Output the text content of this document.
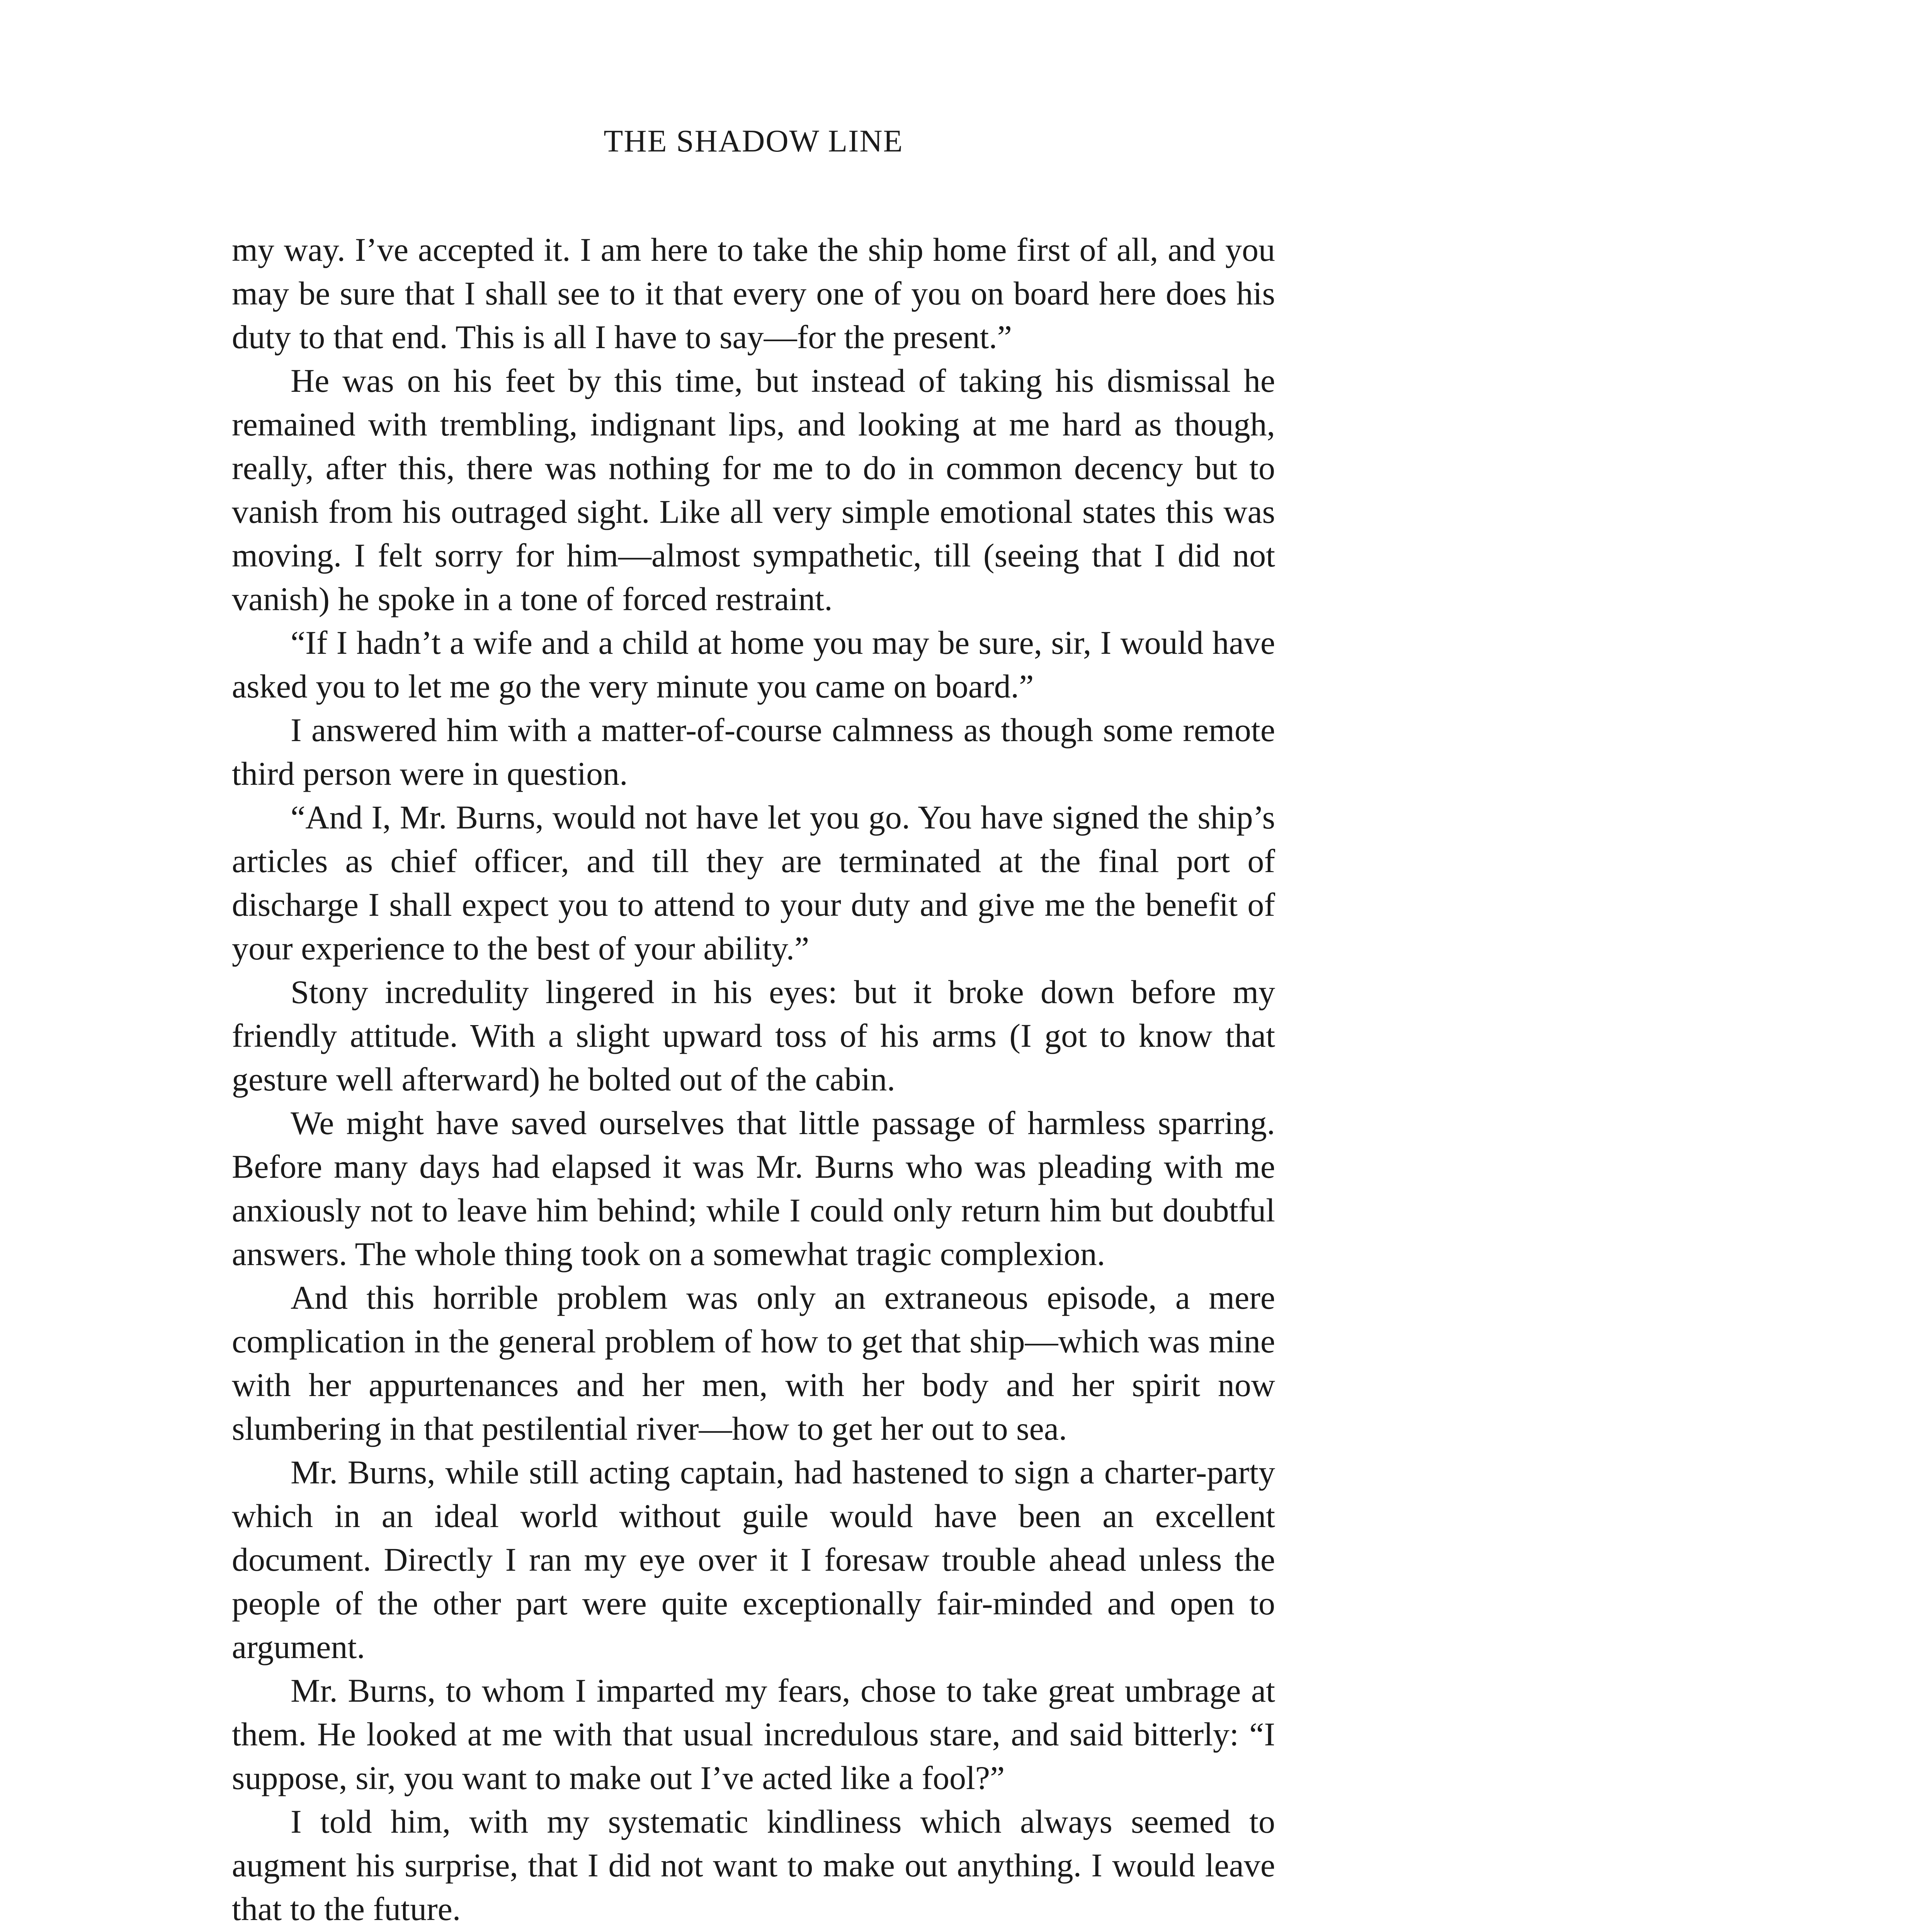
THE SHADOW LINE

my way. I’ve accepted it. I am here to take the ship home first of all, and you may be sure that I shall see to it that every one of you on board here does his duty to that end. This is all I have to say—for the present.”

He was on his feet by this time, but instead of taking his dismissal he remained with trembling, indignant lips, and looking at me hard as though, really, after this, there was nothing for me to do in common decency but to vanish from his outraged sight. Like all very simple emotional states this was moving. I felt sorry for him—almost sympathetic, till (seeing that I did not vanish) he spoke in a tone of forced restraint.

“If I hadn’t a wife and a child at home you may be sure, sir, I would have asked you to let me go the very minute you came on board.”

I answered him with a matter-of-course calmness as though some remote third person were in question.

“And I, Mr. Burns, would not have let you go. You have signed the ship’s articles as chief officer, and till they are terminated at the final port of discharge I shall expect you to attend to your duty and give me the benefit of your experience to the best of your ability.”

Stony incredulity lingered in his eyes: but it broke down before my friendly attitude. With a slight upward toss of his arms (I got to know that gesture well afterward) he bolted out of the cabin.

We might have saved ourselves that little passage of harmless sparring. Before many days had elapsed it was Mr. Burns who was pleading with me anxiously not to leave him behind; while I could only return him but doubtful answers. The whole thing took on a somewhat tragic complexion.

And this horrible problem was only an extraneous episode, a mere complication in the general problem of how to get that ship—which was mine with her appurtenances and her men, with her body and her spirit now slumbering in that pestilential river—how to get her out to sea.

Mr. Burns, while still acting captain, had hastened to sign a charter-party which in an ideal world without guile would have been an excellent document. Directly I ran my eye over it I foresaw trouble ahead unless the people of the other part were quite exceptionally fair-minded and open to argument.

Mr. Burns, to whom I imparted my fears, chose to take great umbrage at them. He looked at me with that usual incredulous stare, and said bitterly: “I suppose, sir, you want to make out I’ve acted like a fool?”

I told him, with my systematic kindliness which always seemed to augment his surprise, that I did not want to make out anything. I would leave that to the future.
